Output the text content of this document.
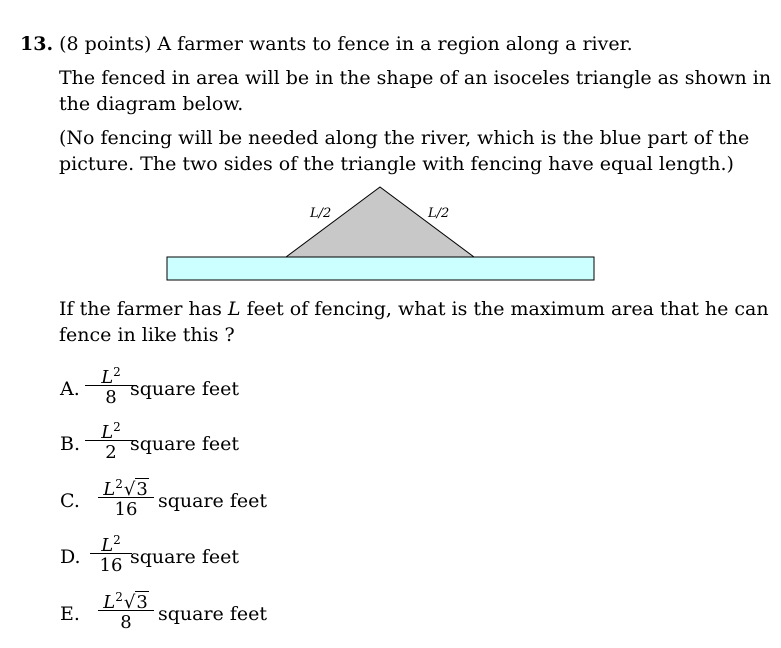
13. (8 points) A farmer wants to fence in a region along a river.
The fenced in area will be in the shape of an isoceles triangle as shown in
the diagram below.
(No fencing will be needed along the river, which is the blue part of the
picture. The two sides of the triangle with fencing have equal length.)
L/2	L/2
If the farmer has L feet of fencing, what is the maximum area that he can
fence in like this ?
A.
$L^2$
8 square feet
B.
$L^2$
2 square feet
C.
$L^2√3$
16	square feet
D.
$L^2$
16 square feet
E.
$L^2√3$
8	square feet
